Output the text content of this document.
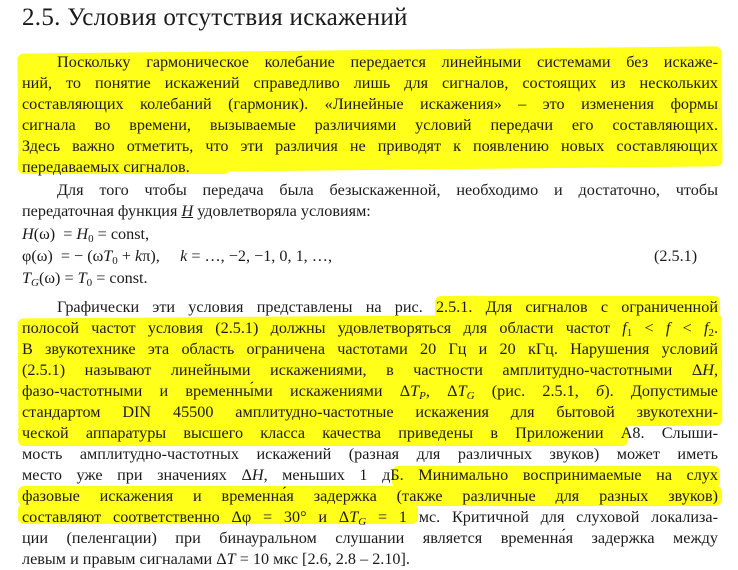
2.5. Условия отсутствия искажений
Поскольку гармоническое колебание передается линейными системами без искаже-
ний, то понятие искажений справедливо лишь для сигналов, состоящих из нескольких
составляющих колебаний (гармоник). «Линейные искажения» – это изменения формы
сигнала во времени, вызываемые различиями условий передачи его составляющих.
Здесь важно отметить, что эти различия не приводят к появлению новых составляющих
передаваемых сигналов.
Для того чтобы передача была безыскаженной, необходимо и достаточно, чтобы
передаточная функция H удовлетворяла условиям:
$H(\omega) = H_0$ = const,
φ(ω)  = − $(\omega T_0 + k\pi)$,     k = …, −2, −1, 0, 1, …,	(2.5.1)
$T_G(\omega) = T_0$ = const.
Графически эти условия представлены на рис. 2.5.1. Для сигналов с ограниченной
полосой частот условия (2.5.1) должны удовлетворяться для области частот $f_1 < f < f_2$.
В звукотехнике эта область ограничена частотами 20 Гц и 20 кГц. Нарушения условий
(2.5.1) называют линейными искажениями, в частности амплитудно-частотными ΔH,
фазо-частотными и временны́ми искажениями $\Delta T_P$, $\Delta T_G$ (рис. 2.5.1, б). Допустимые
стандартом DIN 45500 амплитудно-частотные искажения для бытовой звукотехни-
ческой аппаратуры высшего класса качества приведены в Приложении А8. Слыши-
мость амплитудно-частотных искажений (разная для различных звуков) может иметь
место уже при значениях ΔH, меньших 1 дБ. Минимально воспринимаемые на слух
фазовые искажения и временна́я задержка (также различные для разных звуков)
составляют соответственно Δφ = 30° и $\Delta T_G = 1$ мс. Критичной для слуховой локализа-
ции (пеленгации) при бинауральном слушании является временна́я задержка между
левым и правым сигналами ΔT = 10 мкс [2.6, 2.8 – 2.10].
